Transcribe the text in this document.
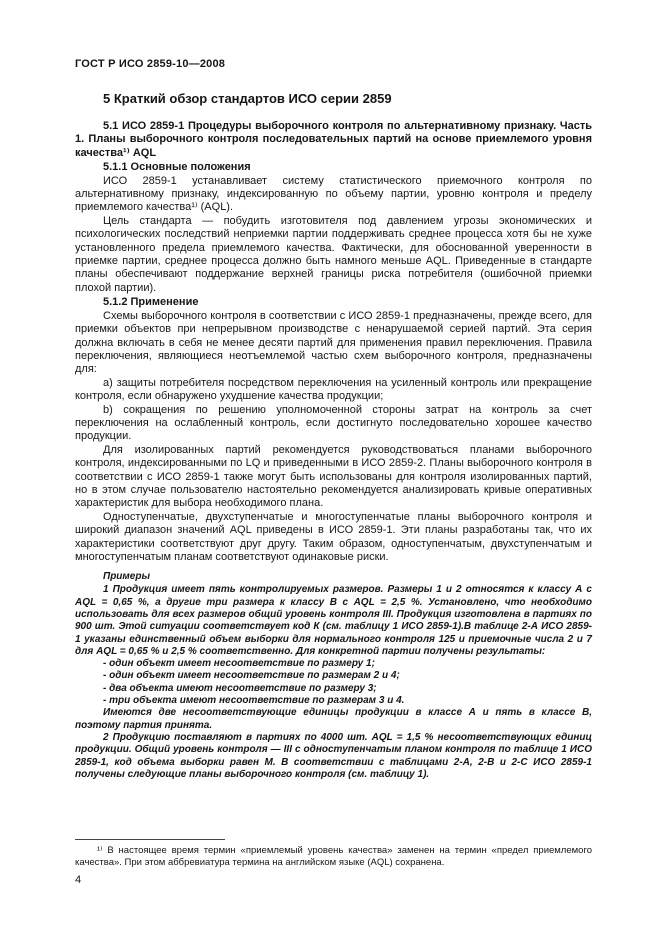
ГОСТ Р ИСО 2859-10—2008
5 Краткий обзор стандартов ИСО серии 2859

5.1 ИСО 2859-1 Процедуры выборочного контроля по альтернативному признаку. Часть 1. Планы выборочного контроля последовательных партий на основе приемлемого уровня качества¹⁾ AQL

5.1.1 Основные положения

ИСО 2859-1 устанавливает систему статистического приемочного контроля по альтернативному признаку, индексированную по объему партии, уровню контроля и пределу приемлемого качества¹⁾ (AQL).

Цель стандарта — побудить изготовителя под давлением угрозы экономических и психологических последствий неприемки партии поддерживать среднее процесса хотя бы не хуже установленного предела приемлемого качества. Фактически, для обоснованной уверенности в приемке партии, среднее процесса должно быть намного меньше AQL. Приведенные в стандарте планы обеспечивают поддержание верхней границы риска потребителя (ошибочной приемки плохой партии).

5.1.2 Применение

Схемы выборочного контроля в соответствии с ИСО 2859-1 предназначены, прежде всего, для приемки объектов при непрерывном производстве с ненарушаемой серией партий. Эта серия должна включать в себя не менее десяти партий для применения правил переключения. Правила переключения, являющиеся неотъемлемой частью схем выборочного контроля, предназначены для:

a) защиты потребителя посредством переключения на усиленный контроль или прекращение контроля, если обнаружено ухудшение качества продукции;

b) сокращения по решению уполномоченной стороны затрат на контроль за счет переключения на ослабленный контроль, если достигнуто последовательно хорошее качество продукции.

Для изолированных партий рекомендуется руководствоваться планами выборочного контроля, индексированными по LQ и приведенными в ИСО 2859-2. Планы выборочного контроля в соответствии с ИСО 2859-1 также могут быть использованы для контроля изолированных партий, но в этом случае пользователю настоятельно рекомендуется анализировать кривые оперативных характеристик для выбора необходимого плана.

Одноступенчатые, двухступенчатые и многоступенчатые планы выборочного контроля и широкий диапазон значений AQL приведены в ИСО 2859-1. Эти планы разработаны так, что их характеристики соответствуют друг другу. Таким образом, одноступенчатым, двухступенчатым и многоступенчатым планам соответствуют одинаковые риски.

Примеры

1 Продукция имеет пять контролируемых размеров. Размеры 1 и 2 относятся к классу А с AQL = 0,65 %, а другие три размера к классу В с AQL = 2,5 %. Установлено, что необходимо использовать для всех размеров общий уровень контроля III. Продукция изготовлена в партиях по 900 шт. Этой ситуации соответствует код К (см. таблицу 1 ИСО 2859-1).В таблице 2-А ИСО 2859-1 указаны единственный объем выборки для нормального контроля 125 и приемочные числа 2 и 7 для AQL = 0,65 % и 2,5 % соответственно. Для конкретной партии получены результаты:

- один объект имеет несоответствие по размеру 1;

- один объект имеет несоответствие по размерам 2 и 4;

- два объекта имеют несоответствие по размеру 3;

- три объекта имеют несоответствие по размерам 3 и 4.

Имеются две несоответствующие единицы продукции в классе А и пять в классе В, поэтому партия принята.

2 Продукцию поставляют в партиях по 4000 шт. AQL = 1,5 % несоответствующих единиц продукции. Общий уровень контроля — III с одноступенчатым планом контроля по таблице 1 ИСО 2859-1, код объема выборки равен М. В соответствии с таблицами 2-А, 2-В и 2-С ИСО 2859-1 получены следующие планы выборочного контроля (см. таблицу 1).

¹⁾ В настоящее время термин «приемлемый уровень качества» заменен на термин «предел приемлемого качества». При этом аббревиатура термина на английском языке (AQL) сохранена.

4
